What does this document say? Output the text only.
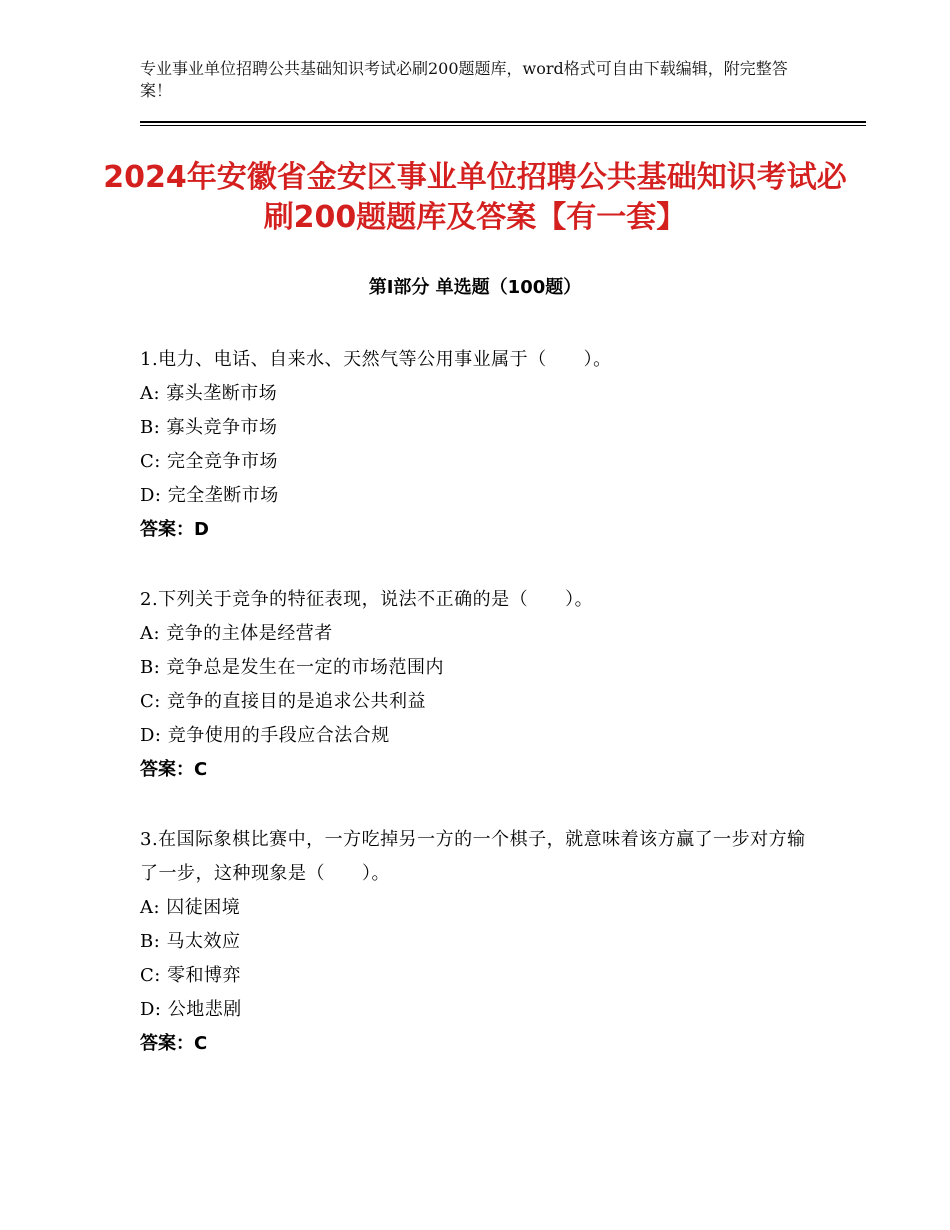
专业事业单位招聘公共基础知识考试必刷200题题库，word格式可自由下载编辑，附完整答案！
2024年安徽省金安区事业单位招聘公共基础知识考试必刷200题题库及答案【有一套】
第Ⅰ部分 单选题（100题）
1.电力、电话、自来水、天然气等公用事业属于（　　）。
A: 寡头垄断市场
B: 寡头竞争市场
C: 完全竞争市场
D: 完全垄断市场
答案：D
2.下列关于竞争的特征表现，说法不正确的是（　　）。
A: 竞争的主体是经营者
B: 竞争总是发生在一定的市场范围内
C: 竞争的直接目的是追求公共利益
D: 竞争使用的手段应合法合规
答案：C
3.在国际象棋比赛中，一方吃掉另一方的一个棋子，就意味着该方赢了一步对方输了一步，这种现象是（　　）。
A: 囚徒困境
B: 马太效应
C: 零和博弈
D: 公地悲剧
答案：C
